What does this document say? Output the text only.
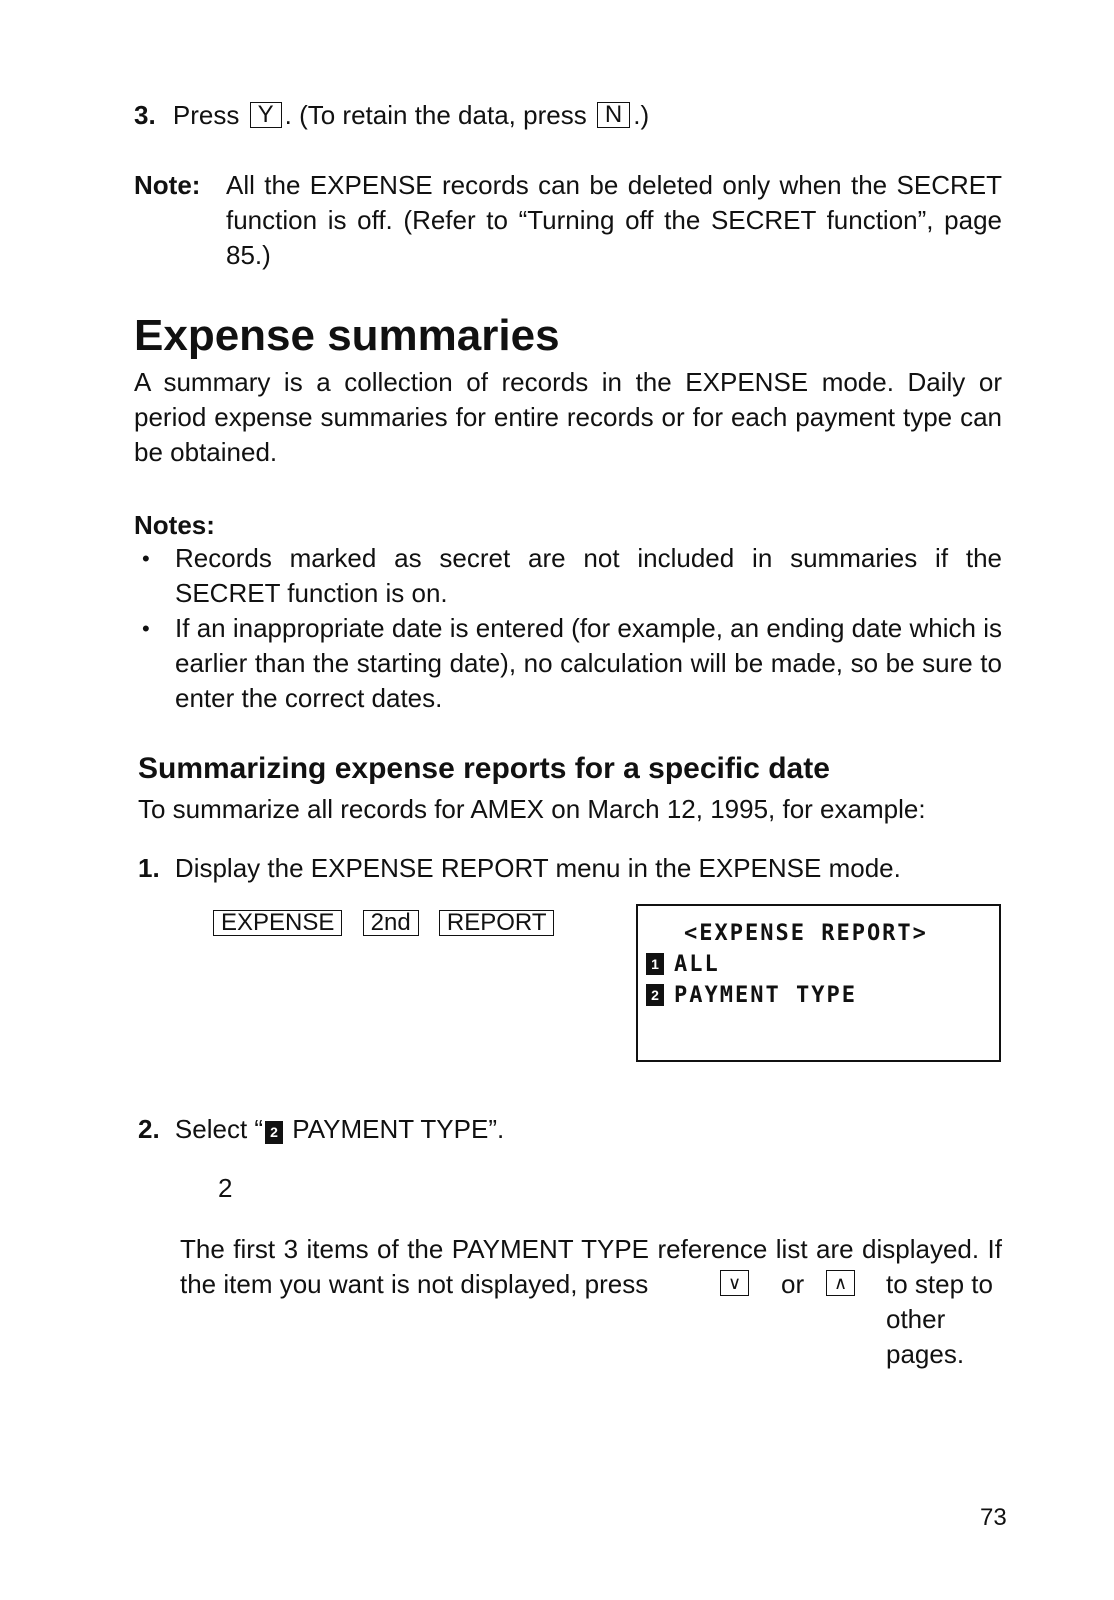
3. Press Y . (To retain the data, press N .)
Note: All the EXPENSE records can be deleted only when the SECRET function is off. (Refer to “Turning off the SECRET function”, page 85.)
Expense summaries
A summary is a collection of records in the EXPENSE mode. Daily or period expense summaries for entire records or for each payment type can be obtained.
Notes:
• Records marked as secret are not included in summaries if the SECRET function is on.
• If an inappropriate date is entered (for example, an ending date which is earlier than the starting date), no calculation will be made, so be sure to enter the correct dates.
Summarizing expense reports for a specific date
To summarize all records for AMEX on March 12, 1995, for example:
1. Display the EXPENSE REPORT menu in the EXPENSE mode.
EXPENSE 2nd REPORT	<EXPENSE REPORT>
1 ALL
2 PAYMENT TYPE
2. Select “ 2 PAYMENT TYPE”.
2
The first 3 items of the PAYMENT TYPE reference list are displayed. If the item you want is not displayed, press	∨	or	∧	to step to other pages.
73
